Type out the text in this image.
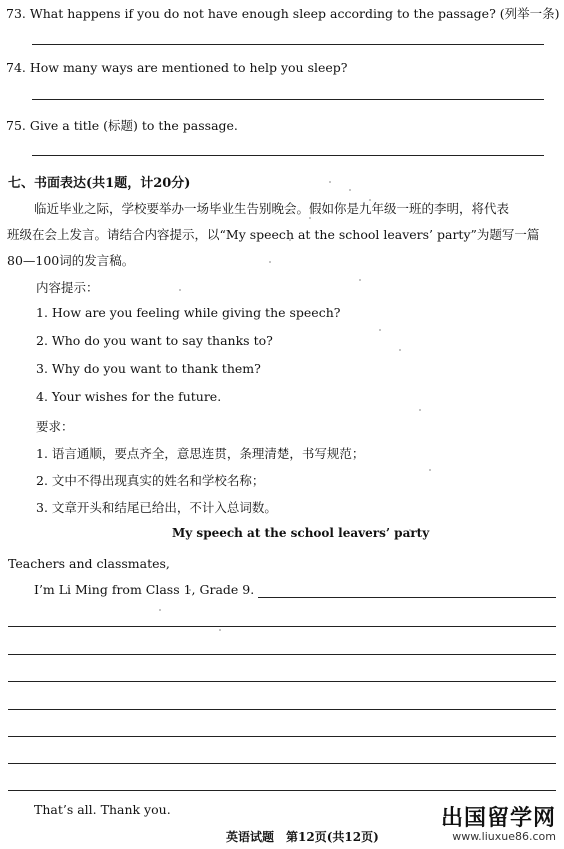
73. What happens if you do not have enough sleep according to the passage? (列举一条)
74. How many ways are mentioned to help you sleep?
75. Give a title (标题) to the passage.
七、书面表达(共1题，计20分)
临近毕业之际，学校要举办一场毕业生告别晚会。假如你是九年级一班的李明，将代表
班级在会上发言。请结合内容提示，以“My speech at the school leavers’ party”为题写一篇
80—100词的发言稿。
内容提示：
1. How are you feeling while giving the speech?
2. Who do you want to say thanks to?
3. Why do you want to thank them?
4. Your wishes for the future.
要求：
1. 语言通顺，要点齐全，意思连贯，条理清楚，书写规范；
2. 文中不得出现真实的姓名和学校名称；
3. 文章开头和结尾已给出，不计入总词数。
My speech at the school leavers’ party
Teachers and classmates,
I’m Li Ming from Class 1, Grade 9.
That’s all. Thank you.
英语试题　第12页(共12页)
出国留学网
www.liuxue86.com
